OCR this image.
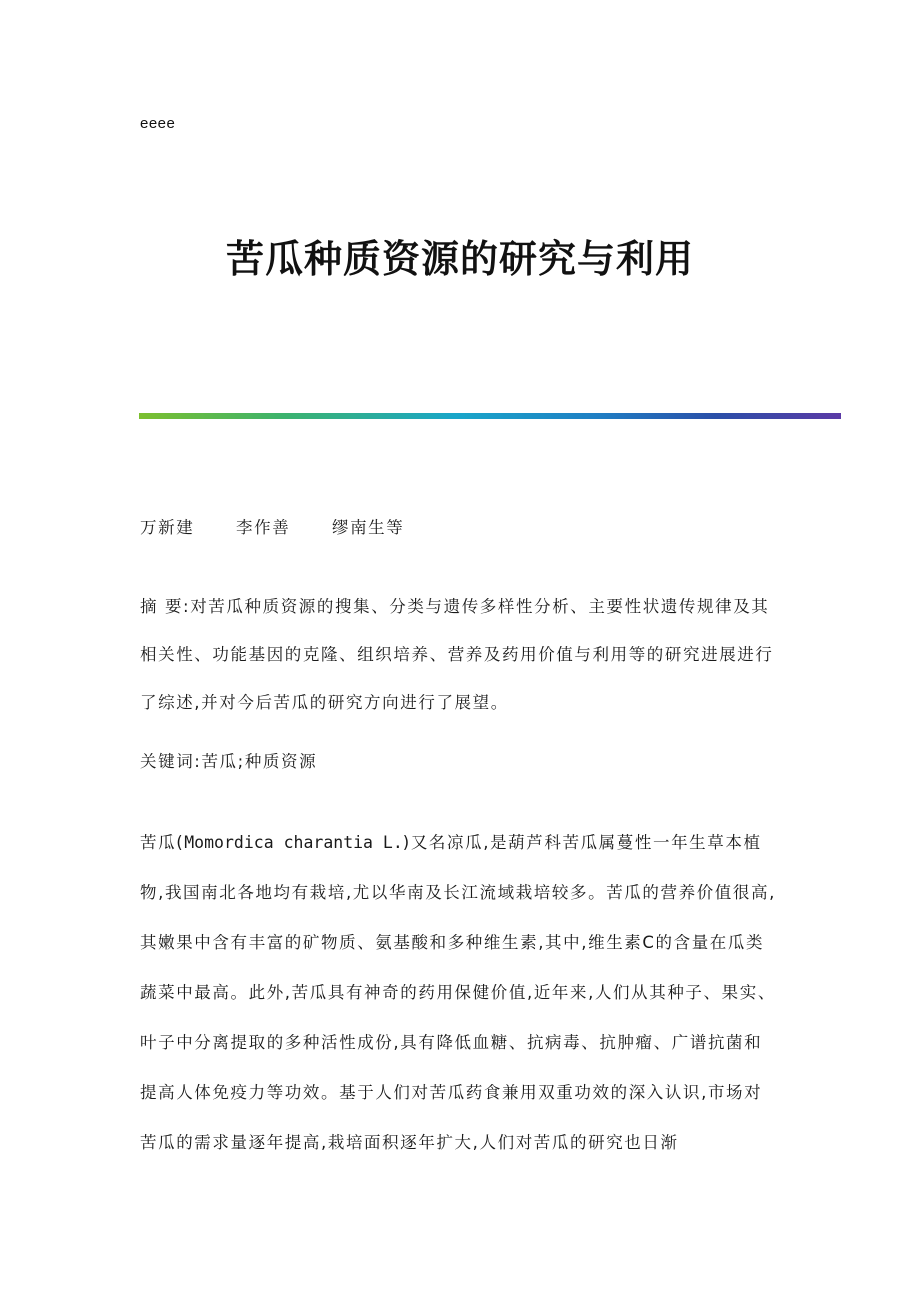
eeee
苦瓜种质资源的研究与利用
万新建  李作善  缪南生等
摘 要:对苦瓜种质资源的搜集、分类与遗传多样性分析、主要性状遗传规律及其相关性、功能基因的克隆、组织培养、营养及药用价值与利用等的研究进展进行了综述,并对今后苦瓜的研究方向进行了展望。
关键词:苦瓜;种质资源
苦瓜(Momordica charantia L.)又名凉瓜,是葫芦科苦瓜属蔓性一年生草本植物,我国南北各地均有栽培,尤以华南及长江流域栽培较多。苦瓜的营养价值很高,其嫩果中含有丰富的矿物质、氨基酸和多种维生素,其中,维生素C的含量在瓜类蔬菜中最高。此外,苦瓜具有神奇的药用保健价值,近年来,人们从其种子、果实、叶子中分离提取的多种活性成份,具有降低血糖、抗病毒、抗肿瘤、广谱抗菌和提高人体免疫力等功效。基于人们对苦瓜药食兼用双重功效的深入认识,市场对苦瓜的需求量逐年提高,栽培面积逐年扩大,人们对苦瓜的研究也日渐
